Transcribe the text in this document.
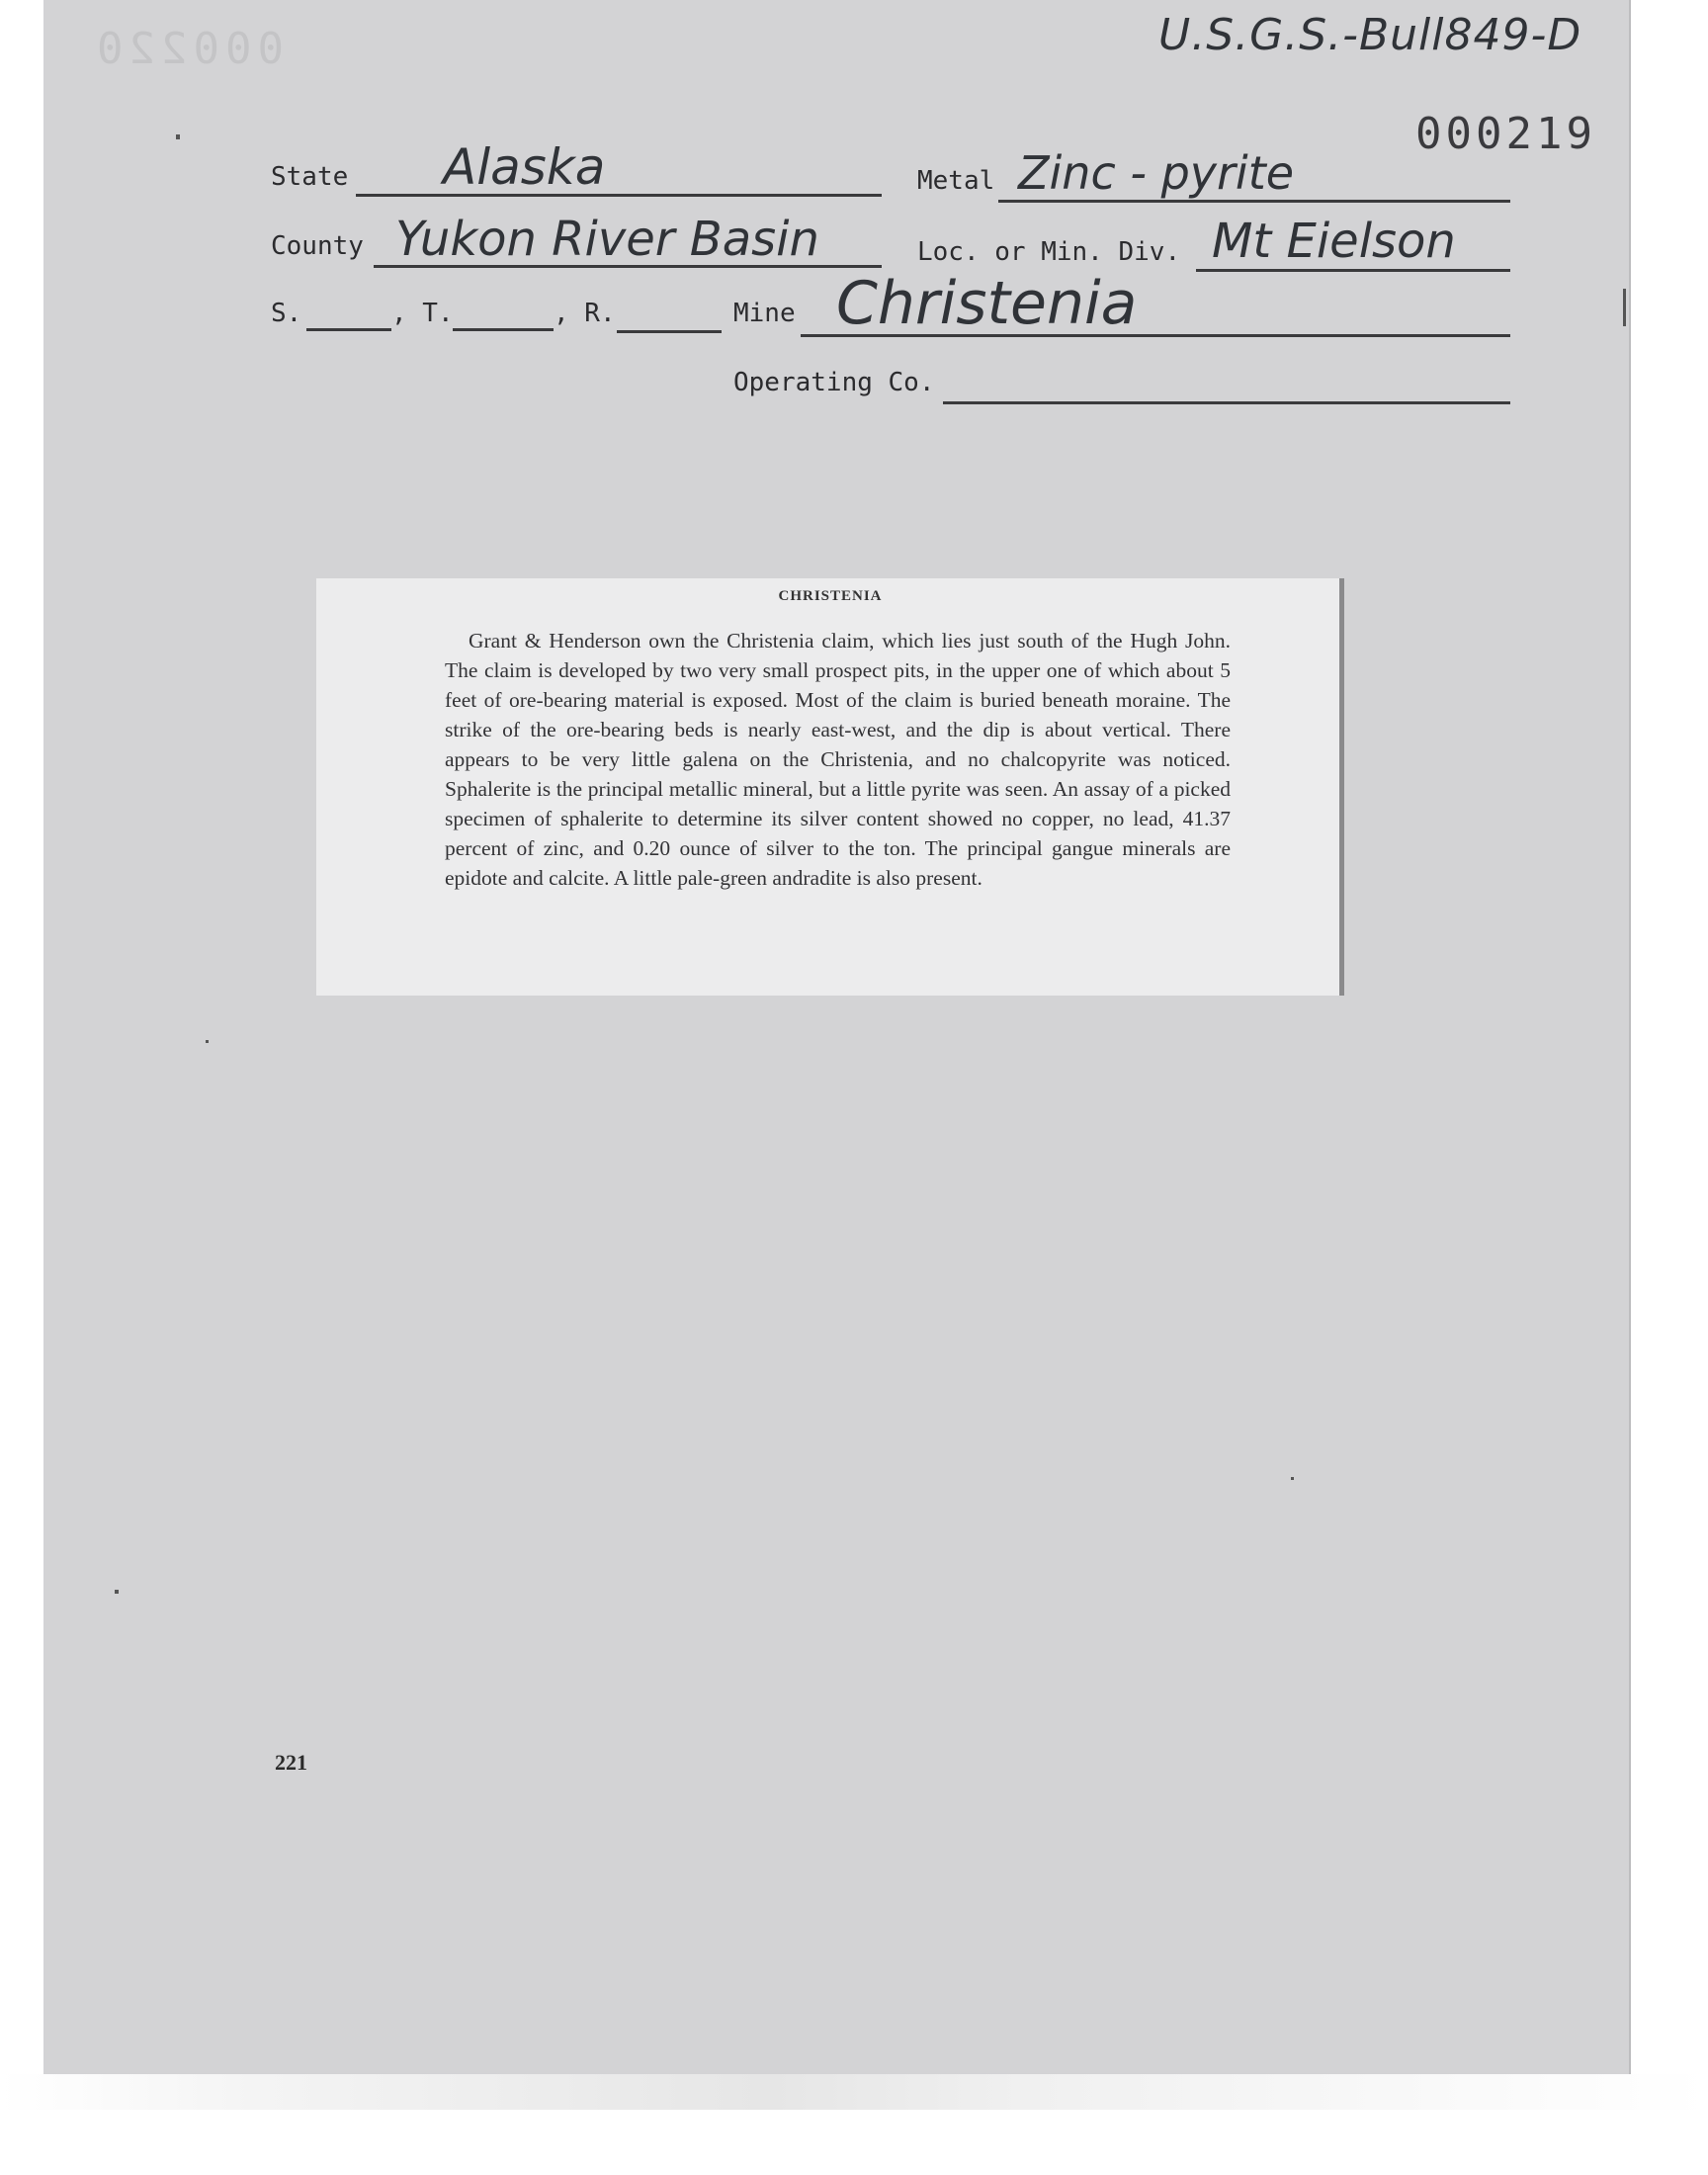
000220	U.S.G.S.-Bull849-D
000219
State Alaska	Metal Zinc - pyrite
County Yukon River Basin	Loc. or Min. Div. Mt Eielson
S.	, T.	, R.	Mine Christenia
Operating Co.
CHRISTENIA
Grant & Henderson own the Christenia claim, which lies just south of the Hugh John. The claim is developed by two very small prospect pits, in the upper one of which about 5 feet of ore-bearing material is exposed. Most of the claim is buried beneath moraine. The strike of the ore-bearing beds is nearly east-west, and the dip is about vertical. There appears to be very little galena on the Christenia, and no chalcopyrite was noticed. Sphalerite is the principal metallic mineral, but a little pyrite was seen. An assay of a picked specimen of sphalerite to determine its silver content showed no copper, no lead, 41.37 percent of zinc, and 0.20 ounce of silver to the ton. The principal gangue minerals are epidote and calcite. A little pale-green andradite is also present.
221
